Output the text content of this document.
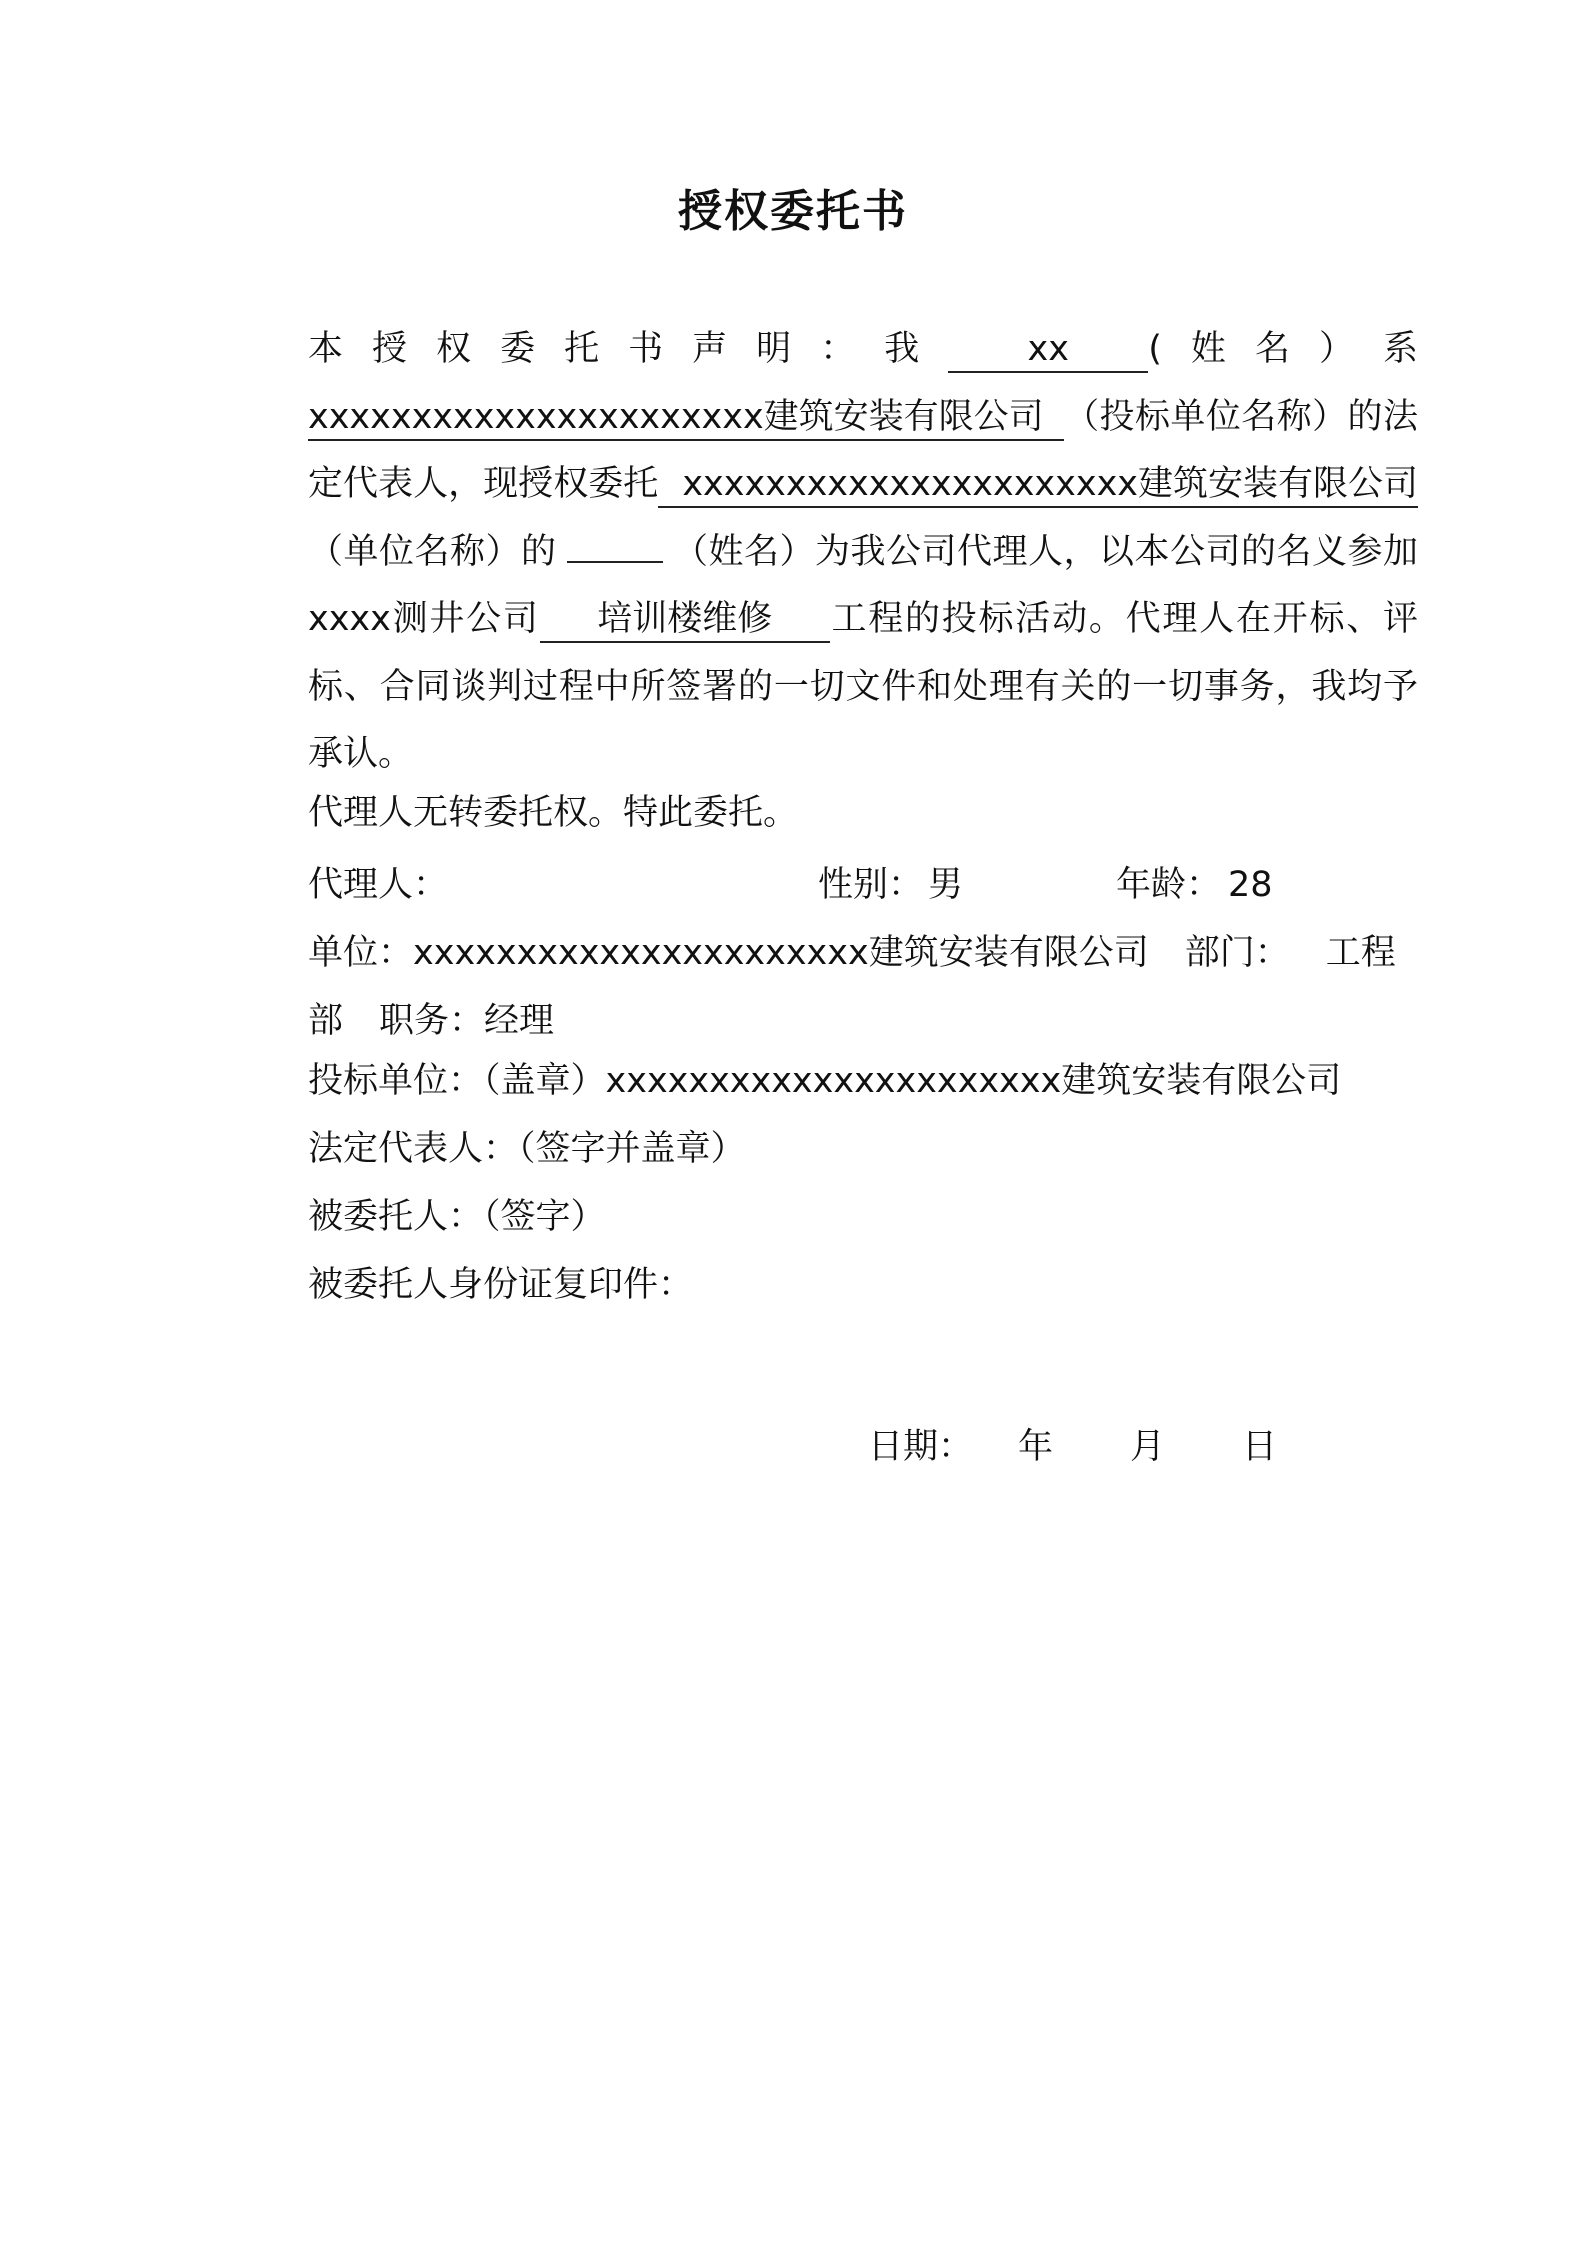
授权委托书
本授权委托书声明：我 xx (姓名）系xxxxxxxxxxxxxxxxxxxxxx建筑安装有限公司 （投标单位名称）的法定代表人，现授权委托 xxxxxxxxxxxxxxxxxxxxxx建筑安装有限公司（单位名称）的	（姓名）为我公司代理人，以本公司的名义参加xxxx测井公司 培训楼维修 工程的投标活动。代理人在开标、评标、合同谈判过程中所签署的一切文件和处理有关的一切事务，我均予承认。
代理人无转委托权。特此委托。
代理人：	性别： 男	年龄： 28
单位：xxxxxxxxxxxxxxxxxxxxxx建筑安装有限公司 部门： 工程部 职务：经理
投标单位：（盖章）xxxxxxxxxxxxxxxxxxxxxx建筑安装有限公司
法定代表人：（签字并盖章）
被委托人：（签字）
被委托人身份证复印件：
日期： 年 月 日
